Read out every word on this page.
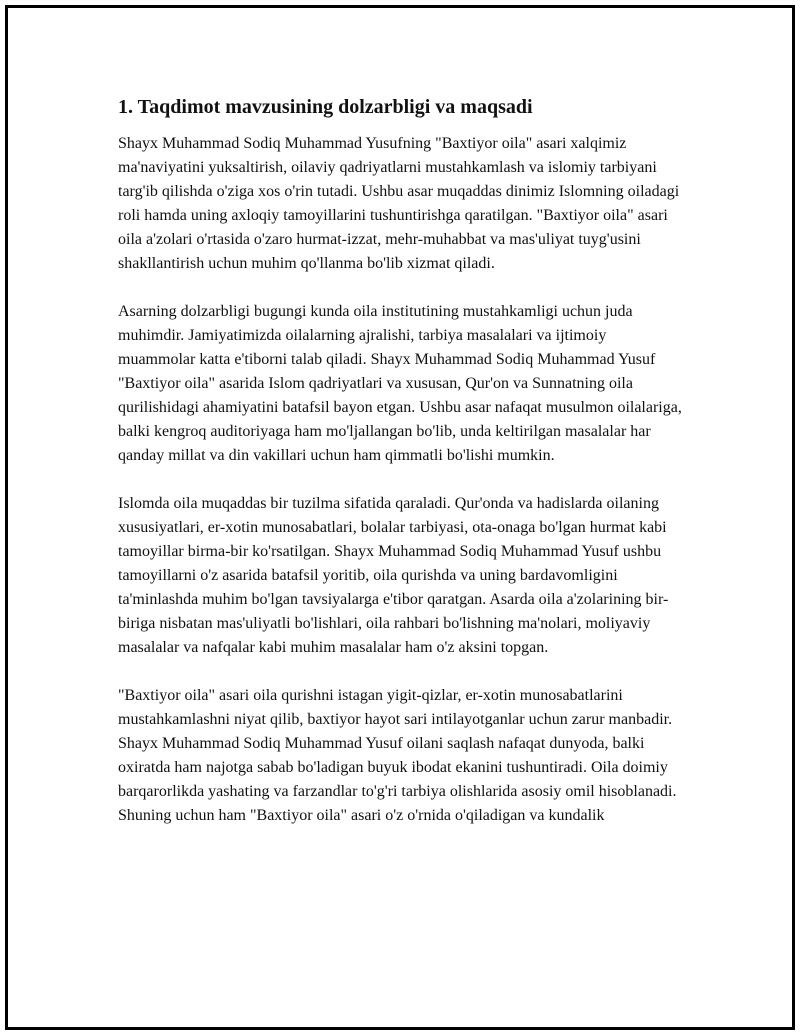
1. Taqdimot mavzusining dolzarbligi va maqsadi

Shayx Muhammad Sodiq Muhammad Yusufning "Baxtiyor oila" asari xalqimiz ma'naviyatini yuksaltirish, oilaviy qadriyatlarni mustahkamlash va islomiy tarbiyani targ'ib qilishda o'ziga xos o'rin tutadi. Ushbu asar muqaddas dinimiz Islomning oiladagi roli hamda uning axloqiy tamoyillarini tushuntirishga qaratilgan. "Baxtiyor oila" asari oila a'zolari o'rtasida o'zaro hurmat-izzat, mehr-muhabbat va mas'uliyat tuyg'usini shakllantirish uchun muhim qo'llanma bo'lib xizmat qiladi.

Asarning dolzarbligi bugungi kunda oila institutining mustahkamligi uchun juda muhimdir. Jamiyatimizda oilalarning ajralishi, tarbiya masalalari va ijtimoiy muammolar katta e'tiborni talab qiladi. Shayx Muhammad Sodiq Muhammad Yusuf "Baxtiyor oila" asarida Islom qadriyatlari va xususan, Qur'on va Sunnatning oila qurilishidagi ahamiyatini batafsil bayon etgan. Ushbu asar nafaqat musulmon oilalariga, balki kengroq auditoriyaga ham mo'ljallangan bo'lib, unda keltirilgan masalalar har qanday millat va din vakillari uchun ham qimmatli bo'lishi mumkin.

Islomda oila muqaddas bir tuzilma sifatida qaraladi. Qur'onda va hadislarda oilaning xususiyatlari, er-xotin munosabatlari, bolalar tarbiyasi, ota-onaga bo'lgan hurmat kabi tamoyillar birma-bir ko'rsatilgan. Shayx Muhammad Sodiq Muhammad Yusuf ushbu tamoyillarni o'z asarida batafsil yoritib, oila qurishda va uning bardavomligini ta'minlashda muhim bo'lgan tavsiyalarga e'tibor qaratgan. Asarda oila a'zolarining bir-biriga nisbatan mas'uliyatli bo'lishlari, oila rahbari bo'lishning ma'nolari, moliyaviy masalalar va nafqalar kabi muhim masalalar ham o'z aksini topgan.

"Baxtiyor oila" asari oila qurishni istagan yigit-qizlar, er-xotin munosabatlarini mustahkamlashni niyat qilib, baxtiyor hayot sari intilayotganlar uchun zarur manbadir. Shayx Muhammad Sodiq Muhammad Yusuf oilani saqlash nafaqat dunyoda, balki oxiratda ham najotga sabab bo'ladigan buyuk ibodat ekanini tushuntiradi. Oila doimiy barqarorlikda yashating va farzandlar to'g'ri tarbiya olishlarida asosiy omil hisoblanadi. Shuning uchun ham "Baxtiyor oila" asari o'z o'rnida o'qiladigan va kundalik
